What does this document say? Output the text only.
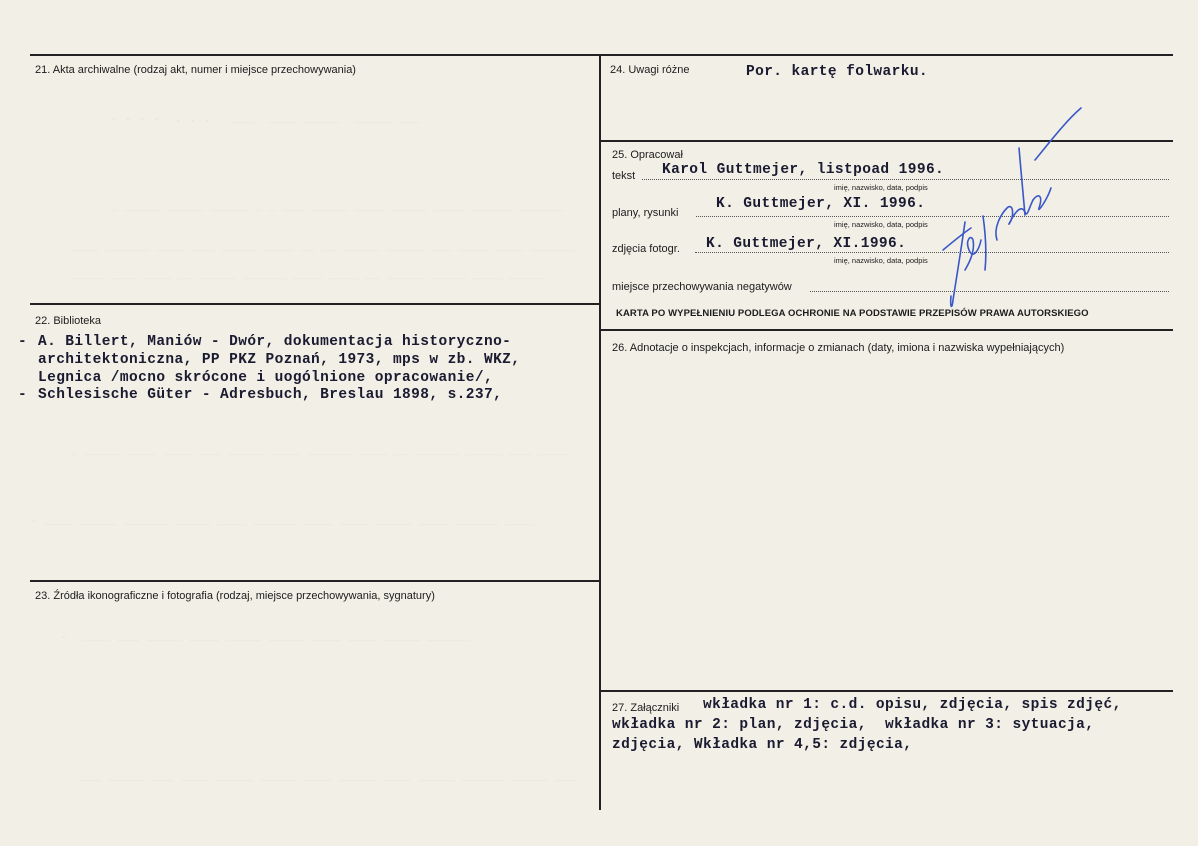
21. Akta archiwalne (rodzaj akt, numer i miejsce przechowywania)
22. Biblioteka
- A. Billert, Maniów - Dwór, dokumentacja historyczno-
architektoniczna, PP PKZ Poznań, 1973, mps w zb. WKZ,
Legnica /mocno skrócone i uogólnione opracowanie/,
- Schlesische Güter - Adresbuch, Breslau 1898, s.237,
23. Źródła ikonograficzne i fotografia (rodzaj, miejsce przechowywania, sygnatury)
24. Uwagi różne	Por. kartę folwarku.
25. Opracował
tekst Karol Guttmejer, listpoad 1996.
imię, nazwisko, data, podpis
plany, rysunki
K. Guttmejer, XI. 1996.
imię, nazwisko, data, podpis
zdjęcia fotogr. K. Guttmejer, XI.1996.
imię, nazwisko, data, podpis
miejsce przechowywania negatywów
KARTA PO WYPEŁNIENIU PODLEGA OCHRONIE NA PODSTAWIE PRZEPISÓW PRAWA AUTORSKIEGO
26. Adnotacje o inspekcjach, informacje o zmianach (daty, imiona i nazwiska wypełniających)
27. Załączniki wkładka nr 1: c.d. opisu, zdjęcia, spis zdjęć,
wkładka nr 2: plan, zdjęcia,  wkładka nr 3: sytuacja,
zdjęcia, Wkładka nr 4,5: zdjęcia,
